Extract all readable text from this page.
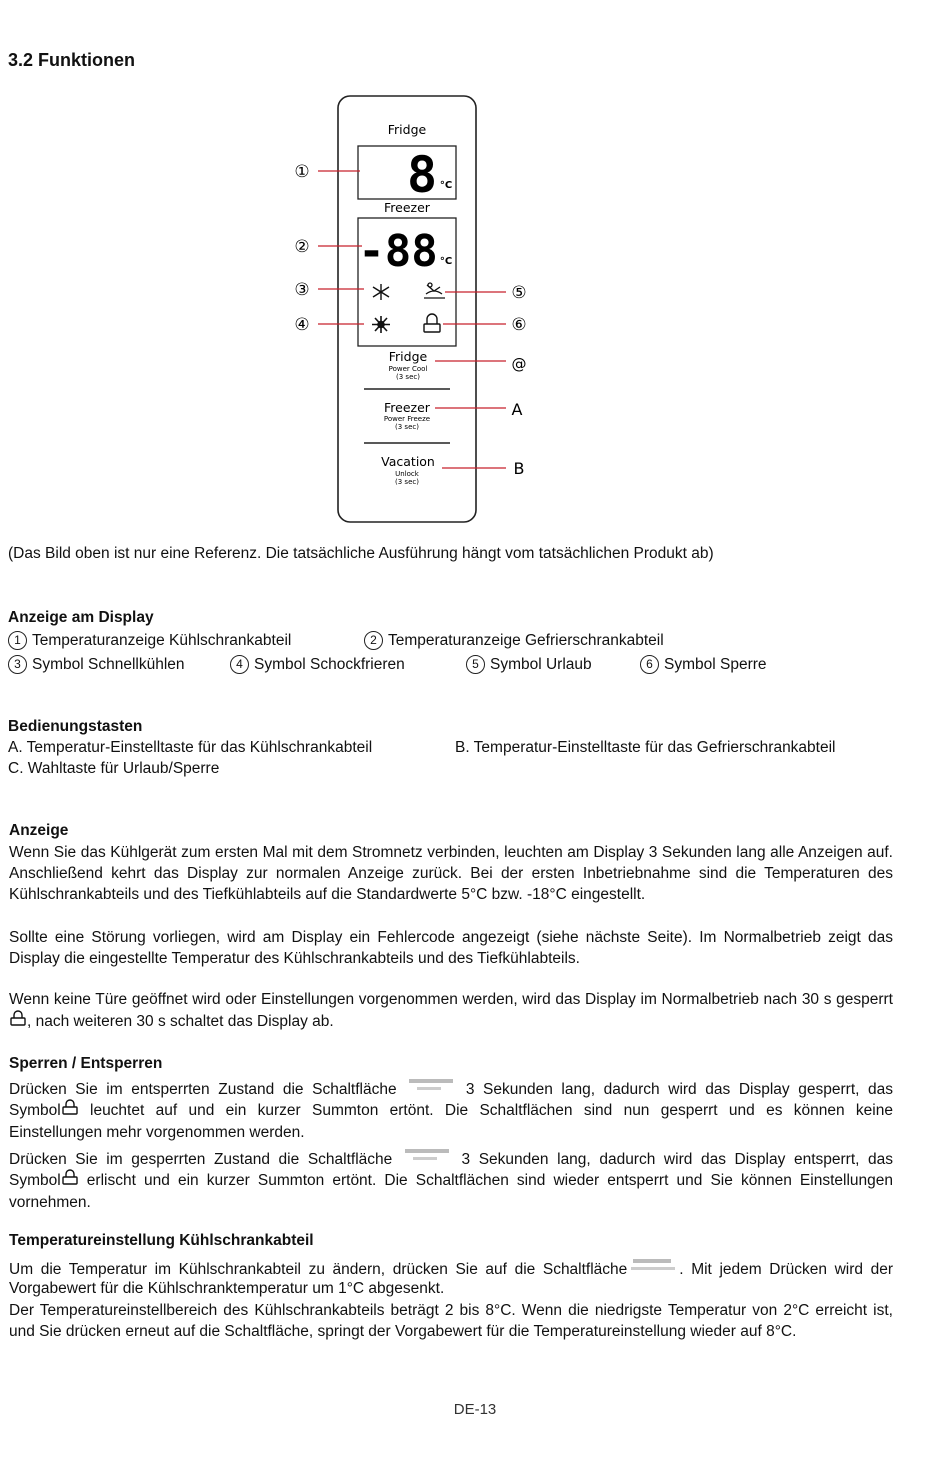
3.2 Funktionen
Fridge
8 °C
Freezer
-88 °C
Fridge
Power Cool
(3 sec)
Freezer
Power Freeze
(3 sec)
Vacation
Unlock
(3 sec)
①
②
③
④
⑤
⑥
@
A
B
(Das Bild oben ist nur eine Referenz. Die tatsächliche Ausführung hängt vom tatsächlichen Produkt ab)
Anzeige am Display
1 Temperaturanzeige Kühlschrankabteil	2 Temperaturanzeige Gefrierschrankabteil
3 Symbol Schnellkühlen	4 Symbol Schockfrieren	5 Symbol Urlaub	6 Symbol Sperre
Bedienungstasten
A. Temperatur-Einstelltaste für das Kühlschrankabteil	B. Temperatur-Einstelltaste für das Gefrierschrankabteil
C. Wahltaste für Urlaub/Sperre
Anzeige
Wenn Sie das Kühlgerät zum ersten Mal mit dem Stromnetz verbinden, leuchten am Display 3 Sekunden lang alle Anzeigen auf. Anschließend kehrt das Display zur normalen Anzeige zurück. Bei der ersten Inbetriebnahme sind die Temperaturen des Kühlschrankabteils und des Tiefkühlabteils auf die Standardwerte 5°C bzw. -18°C eingestellt.
Sollte eine Störung vorliegen, wird am Display ein Fehlercode angezeigt (siehe nächste Seite). Im Normalbetrieb zeigt das Display die eingestellte Temperatur des Kühlschrankabteils und des Tiefkühlabteils.
Wenn keine Türe geöffnet wird oder Einstellungen vorgenommen werden, wird das Display im Normalbetrieb nach 30 s gesperrt , nach weiteren 30 s schaltet das Display ab.
Sperren / Entsperren
Drücken Sie im entsperrten Zustand die Schaltfläche	3 Sekunden lang, dadurch wird das Display gesperrt, das
Symbol leuchtet auf und ein kurzer Summton ertönt. Die Schaltflächen sind nun gesperrt und es können keine
Einstellungen mehr vorgenommen werden.
Drücken Sie im gesperrten Zustand die Schaltfläche	3 Sekunden lang, dadurch wird das Display entsperrt, das
Symbol erlischt und ein kurzer Summton ertönt. Die Schaltflächen sind wieder entsperrt und Sie können Einstellungen
vornehmen.
Temperatureinstellung Kühlschrankabteil
Um die Temperatur im Kühlschrankabteil zu ändern, drücken Sie auf die Schaltfläche	. Mit jedem Drücken wird der
Vorgabewert für die Kühlschranktemperatur um 1°C abgesenkt.
Der Temperatureinstellbereich des Kühlschrankabteils beträgt 2 bis 8°C. Wenn die niedrigste Temperatur von 2°C erreicht ist, und Sie drücken erneut auf die Schaltfläche, springt der Vorgabewert für die Temperatureinstellung wieder auf 8°C.
DE-13
